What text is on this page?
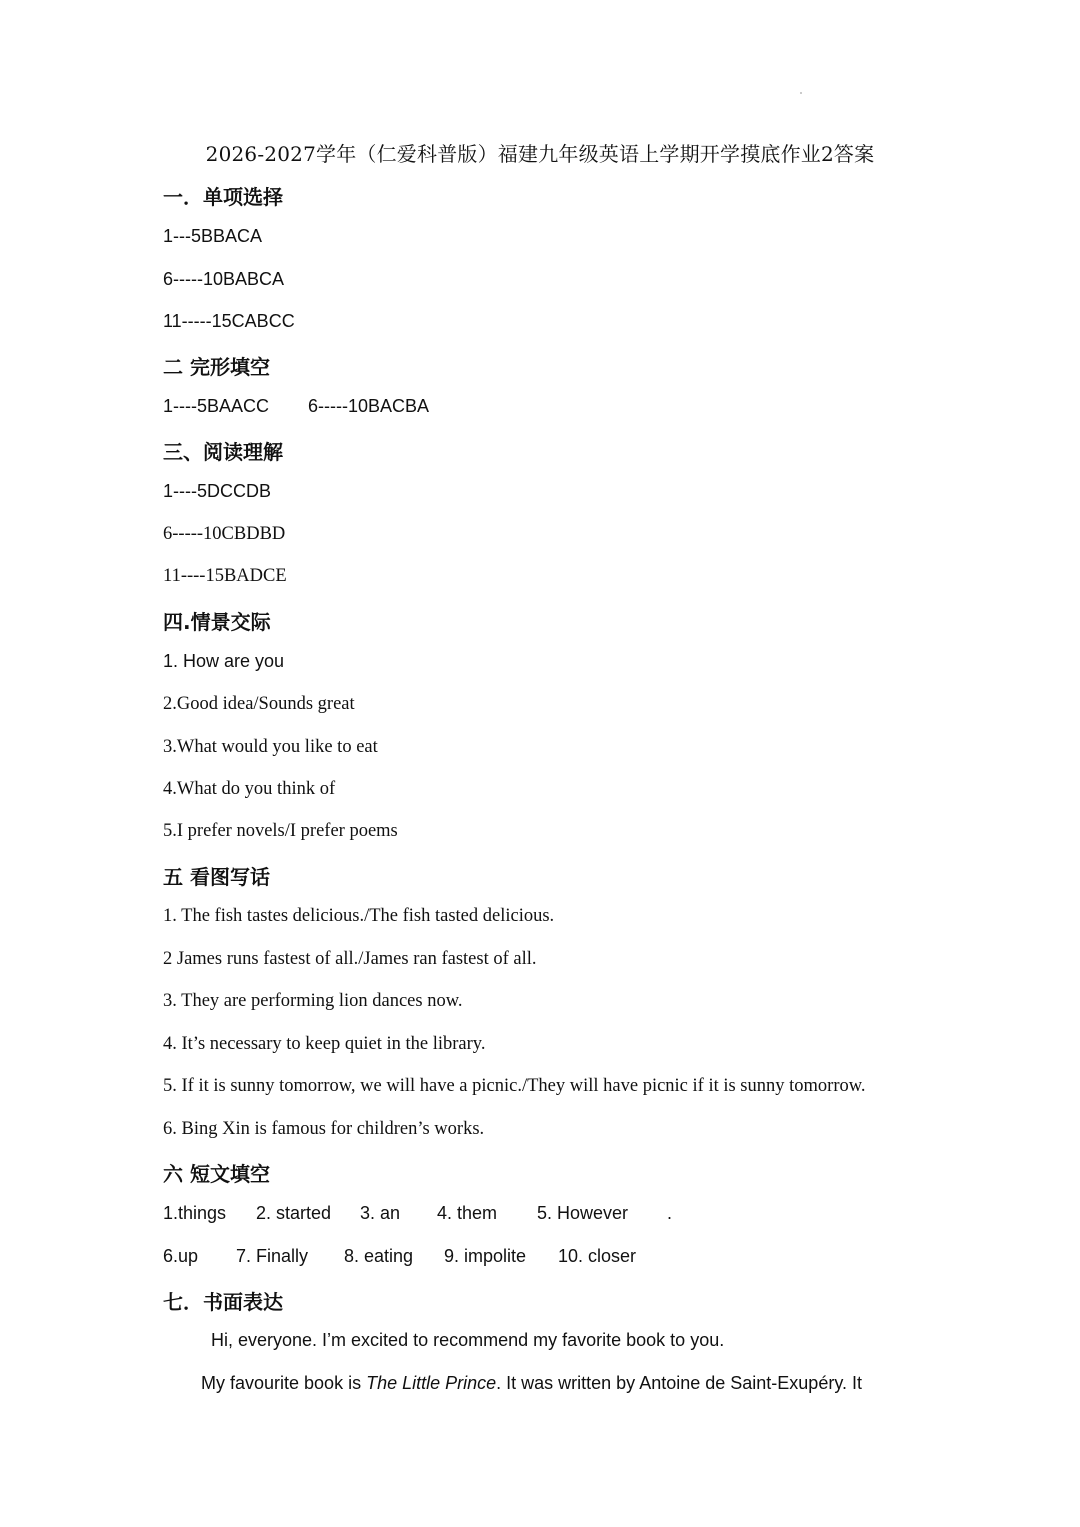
2026-2027学年（仁爱科普版）福建九年级英语上学期开学摸底作业2答案
一．单项选择
1---5BBACA
6-----10BABCA
11-----15CABCC
二 完形填空
1----5BAACC 6-----10BACBA
三、阅读理解
1----5DCCDB
6-----10CBDBD
11----15BADCE
四.情景交际
1. How are you
2.Good idea/Sounds great
3.What would you like to eat
4.What do you think of
5.I prefer novels/I prefer poems
五 看图写话
1. The fish tastes delicious./The fish tasted delicious.
2 James runs fastest of all./James ran fastest of all.
3. They are performing lion dances now.
4. It’s necessary to keep quiet in the library.
5. If it is sunny tomorrow, we will have a picnic./They will have picnic if it is sunny tomorrow.
6. Bing Xin is famous for children’s works.
六 短文填空
1.things 2. started 3. an 4. them 5. However .
6.up 7. Finally 8. eating 9. impolite 10. closer
七．书面表达
Hi, everyone. I’m excited to recommend my favorite book to you.
My favourite book is The Little Prince. It was written by Antoine de Saint-Exupéry. It
